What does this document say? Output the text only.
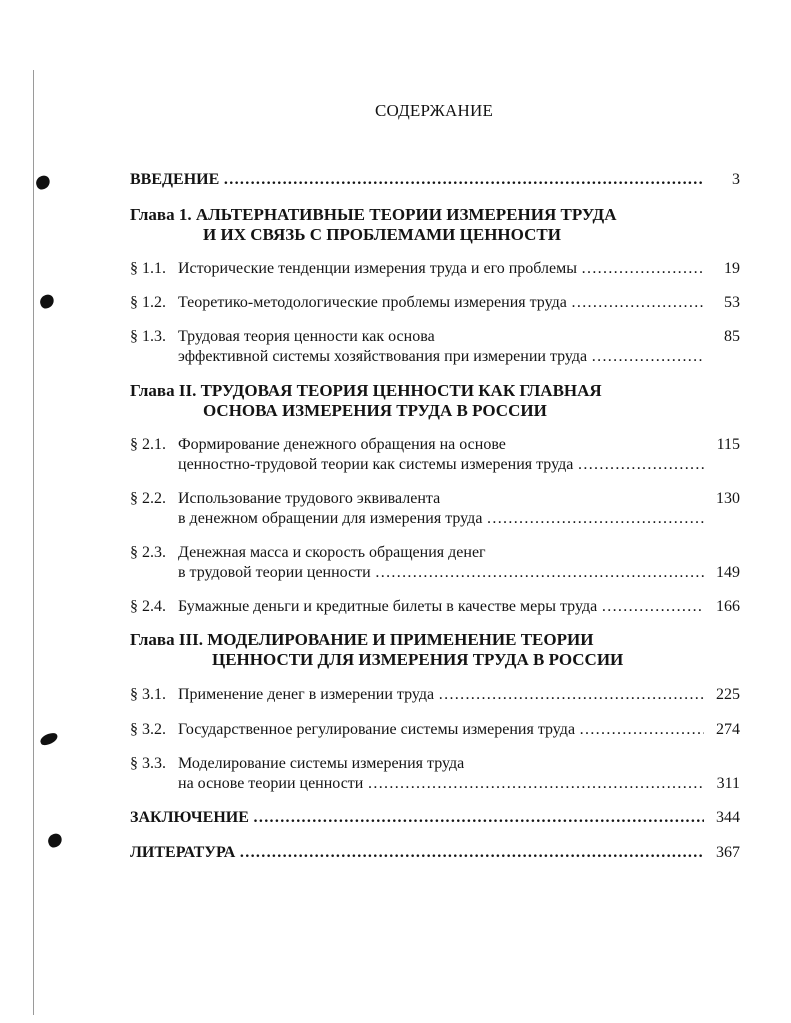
СОДЕРЖАНИЕ
ВВЕДЕНИЕ …………………………………………………………………………………………………………………………………………………………………………………………………………………	3
Глава 1. АЛЬТЕРНАТИВНЫЕ ТЕОРИИ ИЗМЕРЕНИЯ ТРУДА
И ИХ СВЯЗЬ С ПРОБЛЕМАМИ ЦЕННОСТИ
§ 1.1. Исторические тенденции измерения труда и его проблемы …………………………………………………………………………………………………………………………………………………………………………………………………………………	19
§ 1.2. Теоретико-методологические проблемы измерения труда …………………………………………………………………………………………………………………………………………………………………………………………………………………	53
§ 1.3. Трудовая теория ценности как основа	85
эффективной системы хозяйствования при измерении труда
…………………………………………………………………………………………………………………………………………………………………………………………………………………
Глава II. ТРУДОВАЯ ТЕОРИЯ ЦЕННОСТИ КАК ГЛАВНАЯ
ОСНОВА ИЗМЕРЕНИЯ ТРУДА В РОССИИ
§ 2.1. Формирование денежного обращения на основе	115
ценностно-трудовой теории как системы измерения труда
…………………………………………………………………………………………………………………………………………………………………………………………………………………
§ 2.2. Использование трудового эквивалента	130
в денежном обращении для измерения труда
…………………………………………………………………………………………………………………………………………………………………………………………………………………
§ 2.3. Денежная масса и скорость обращения денег
в трудовой теории ценности …………………………………………………………………………………………………………………………………………………………………………………………………………………	149
§ 2.4. Бумажные деньги и кредитные билеты в качестве меры труда …………………………………………………………………………………………………………………………………………………………………………………………………………………	166
Глава III. МОДЕЛИРОВАНИЕ И ПРИМЕНЕНИЕ ТЕОРИИ
ЦЕННОСТИ ДЛЯ ИЗМЕРЕНИЯ ТРУДА В РОССИИ
§ 3.1. Применение денег в измерении труда …………………………………………………………………………………………………………………………………………………………………………………………………………………	225
§ 3.2. Государственное регулирование системы измерения труда …………………………………………………………………………………………………………………………………………………………………………………………………………………	274
§ 3.3. Моделирование системы измерения труда
на основе теории ценности …………………………………………………………………………………………………………………………………………………………………………………………………………………	311
ЗАКЛЮЧЕНИЕ …………………………………………………………………………………………………………………………………………………………………………………………………………………	344
ЛИТЕРАТУРА …………………………………………………………………………………………………………………………………………………………………………………………………………………	367
